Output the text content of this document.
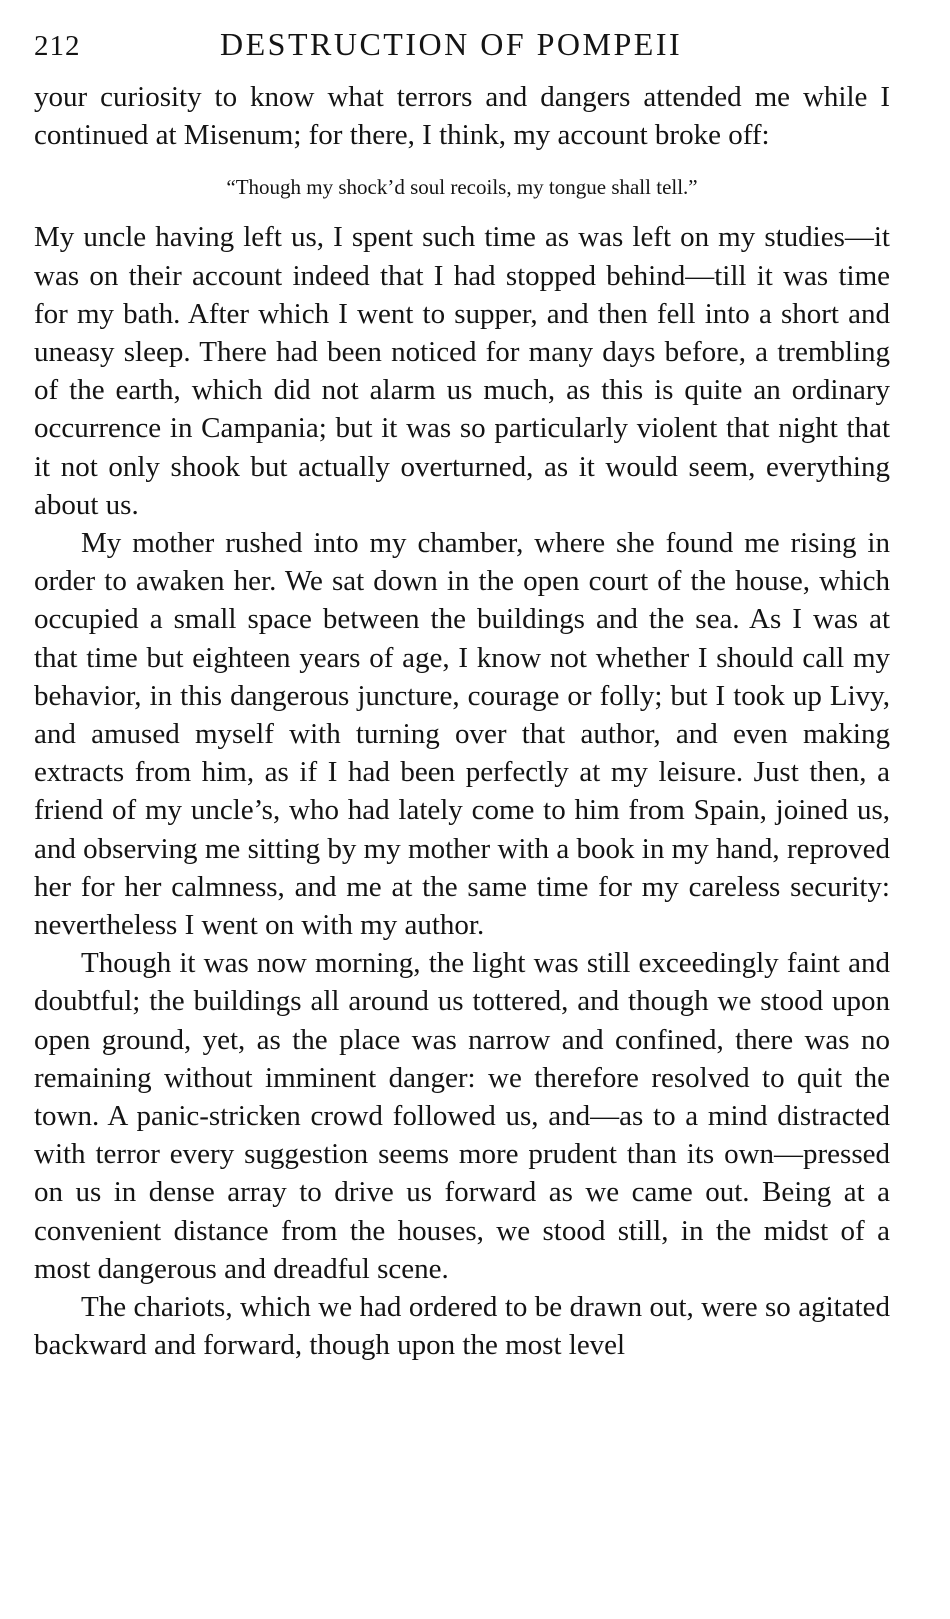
212	DESTRUCTION OF POMPEII

your curiosity to know what terrors and dangers attended me while I continued at Misenum; for there, I think, my account broke off:

“Though my shock’d soul recoils, my tongue shall tell.”

My uncle having left us, I spent such time as was left on my studies—it was on their account indeed that I had stopped behind—till it was time for my bath. After which I went to supper, and then fell into a short and uneasy sleep. There had been noticed for many days before, a trembling of the earth, which did not alarm us much, as this is quite an ordinary occurrence in Campania; but it was so particularly violent that night that it not only shook but actually overturned, as it would seem, everything about us.

My mother rushed into my chamber, where she found me rising in order to awaken her. We sat down in the open court of the house, which occupied a small space between the buildings and the sea. As I was at that time but eighteen years of age, I know not whether I should call my behavior, in this dangerous juncture, courage or folly; but I took up Livy, and amused myself with turning over that author, and even making extracts from him, as if I had been perfectly at my leisure. Just then, a friend of my uncle’s, who had lately come to him from Spain, joined us, and observing me sitting by my mother with a book in my hand, reproved her for her calmness, and me at the same time for my careless security: nevertheless I went on with my author.

Though it was now morning, the light was still exceedingly faint and doubtful; the buildings all around us tottered, and though we stood upon open ground, yet, as the place was narrow and confined, there was no remaining without imminent danger: we therefore resolved to quit the town. A panic-stricken crowd followed us, and—as to a mind distracted with terror every suggestion seems more prudent than its own—pressed on us in dense array to drive us forward as we came out. Being at a convenient distance from the houses, we stood still, in the midst of a most dangerous and dreadful scene.

The chariots, which we had ordered to be drawn out, were so agitated backward and forward, though upon the most level
